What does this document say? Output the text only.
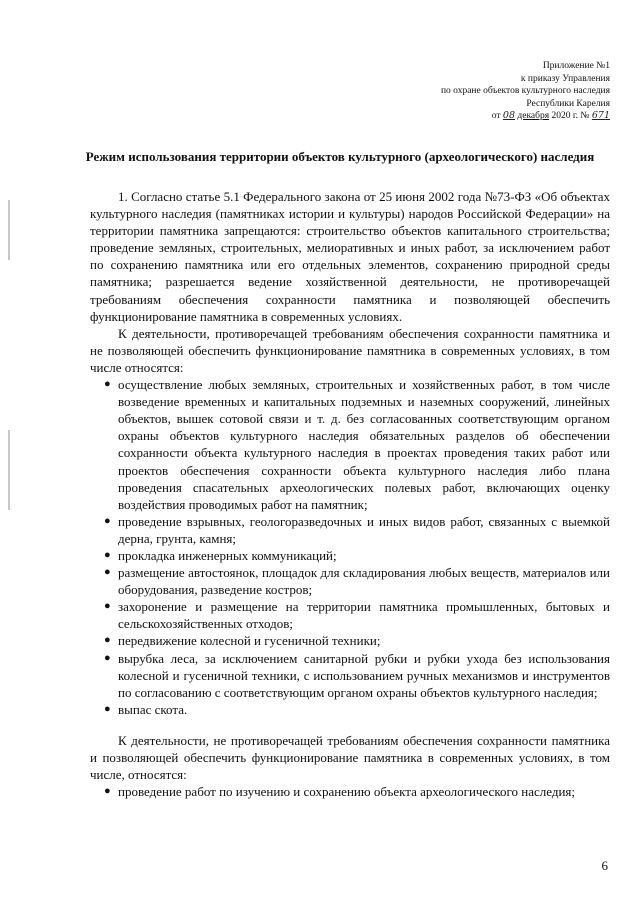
Приложение №1
к приказу Управления
по охране объектов культурного наследия
Республики Карелия
от 08 декабря 2020 г. № 671
Режим использования территории объектов культурного (археологического) наследия

1. Согласно статье 5.1 Федерального закона от 25 июня 2002 года №73-ФЗ «Об объектах культурного наследия (памятниках истории и культуры) народов Российской Федерации» на территории памятника запрещаются: строительство объектов капитального строительства; проведение земляных, строительных, мелиоративных и иных работ, за исключением работ по сохранению памятника или его отдельных элементов, сохранению природной среды памятника; разрешается ведение хозяйственной деятельности, не противоречащей требованиям обеспечения сохранности памятника и позволяющей обеспечить функционирование памятника в современных условиях.

К деятельности, противоречащей требованиям обеспечения сохранности памятника и не позволяющей обеспечить функционирование памятника в современных условиях, в том числе относятся:

● осуществление любых земляных, строительных и хозяйственных работ, в том числе возведение временных и капитальных подземных и наземных сооружений, линейных объектов, вышек сотовой связи и т. д. без согласованных соответствующим органом охраны объектов культурного наследия обязательных разделов об обеспечении сохранности объекта культурного наследия в проектах проведения таких работ или проектов обеспечения сохранности объекта культурного наследия либо плана проведения спасательных археологических полевых работ, включающих оценку воздействия проводимых работ на памятник;
● проведение взрывных, геологоразведочных и иных видов работ, связанных с выемкой дерна, грунта, камня;
● прокладка инженерных коммуникаций;
● размещение автостоянок, площадок для складирования любых веществ, материалов или оборудования, разведение костров;
● захоронение и размещение на территории памятника промышленных, бытовых и сельскохозяйственных отходов;
● передвижение колесной и гусеничной техники;
● вырубка леса, за исключением санитарной рубки и рубки ухода без использования колесной и гусеничной техники, с использованием ручных механизмов и инструментов по согласованию с соответствующим органом охраны объектов культурного наследия;
● выпас скота.

К деятельности, не противоречащей требованиям обеспечения сохранности памятника и позволяющей обеспечить функционирование памятника в современных условиях, в том числе, относятся:

● проведение работ по изучению и сохранению объекта археологического наследия;
6
